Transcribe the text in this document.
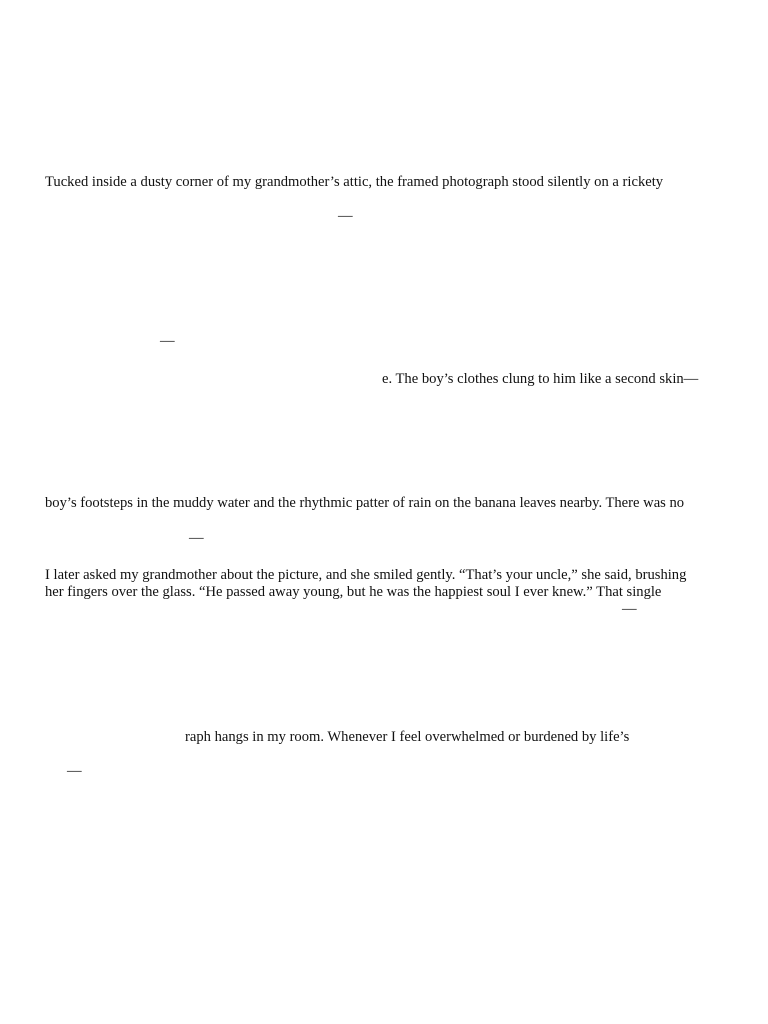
Tucked inside a dusty corner of my grandmother’s attic, the framed photograph stood silently on a rickety

—

—

e. The boy’s clothes clung to him like a second skin—

boy’s footsteps in the muddy water and the rhythmic patter of rain on the banana leaves nearby. There was no

—

I later asked my grandmother about the picture, and she smiled gently. “That’s your uncle,” she said, brushing

her fingers over the glass. “He passed away young, but he was the happiest soul I ever knew.” That single

—

raph hangs in my room. Whenever I feel overwhelmed or burdened by life’s

—
